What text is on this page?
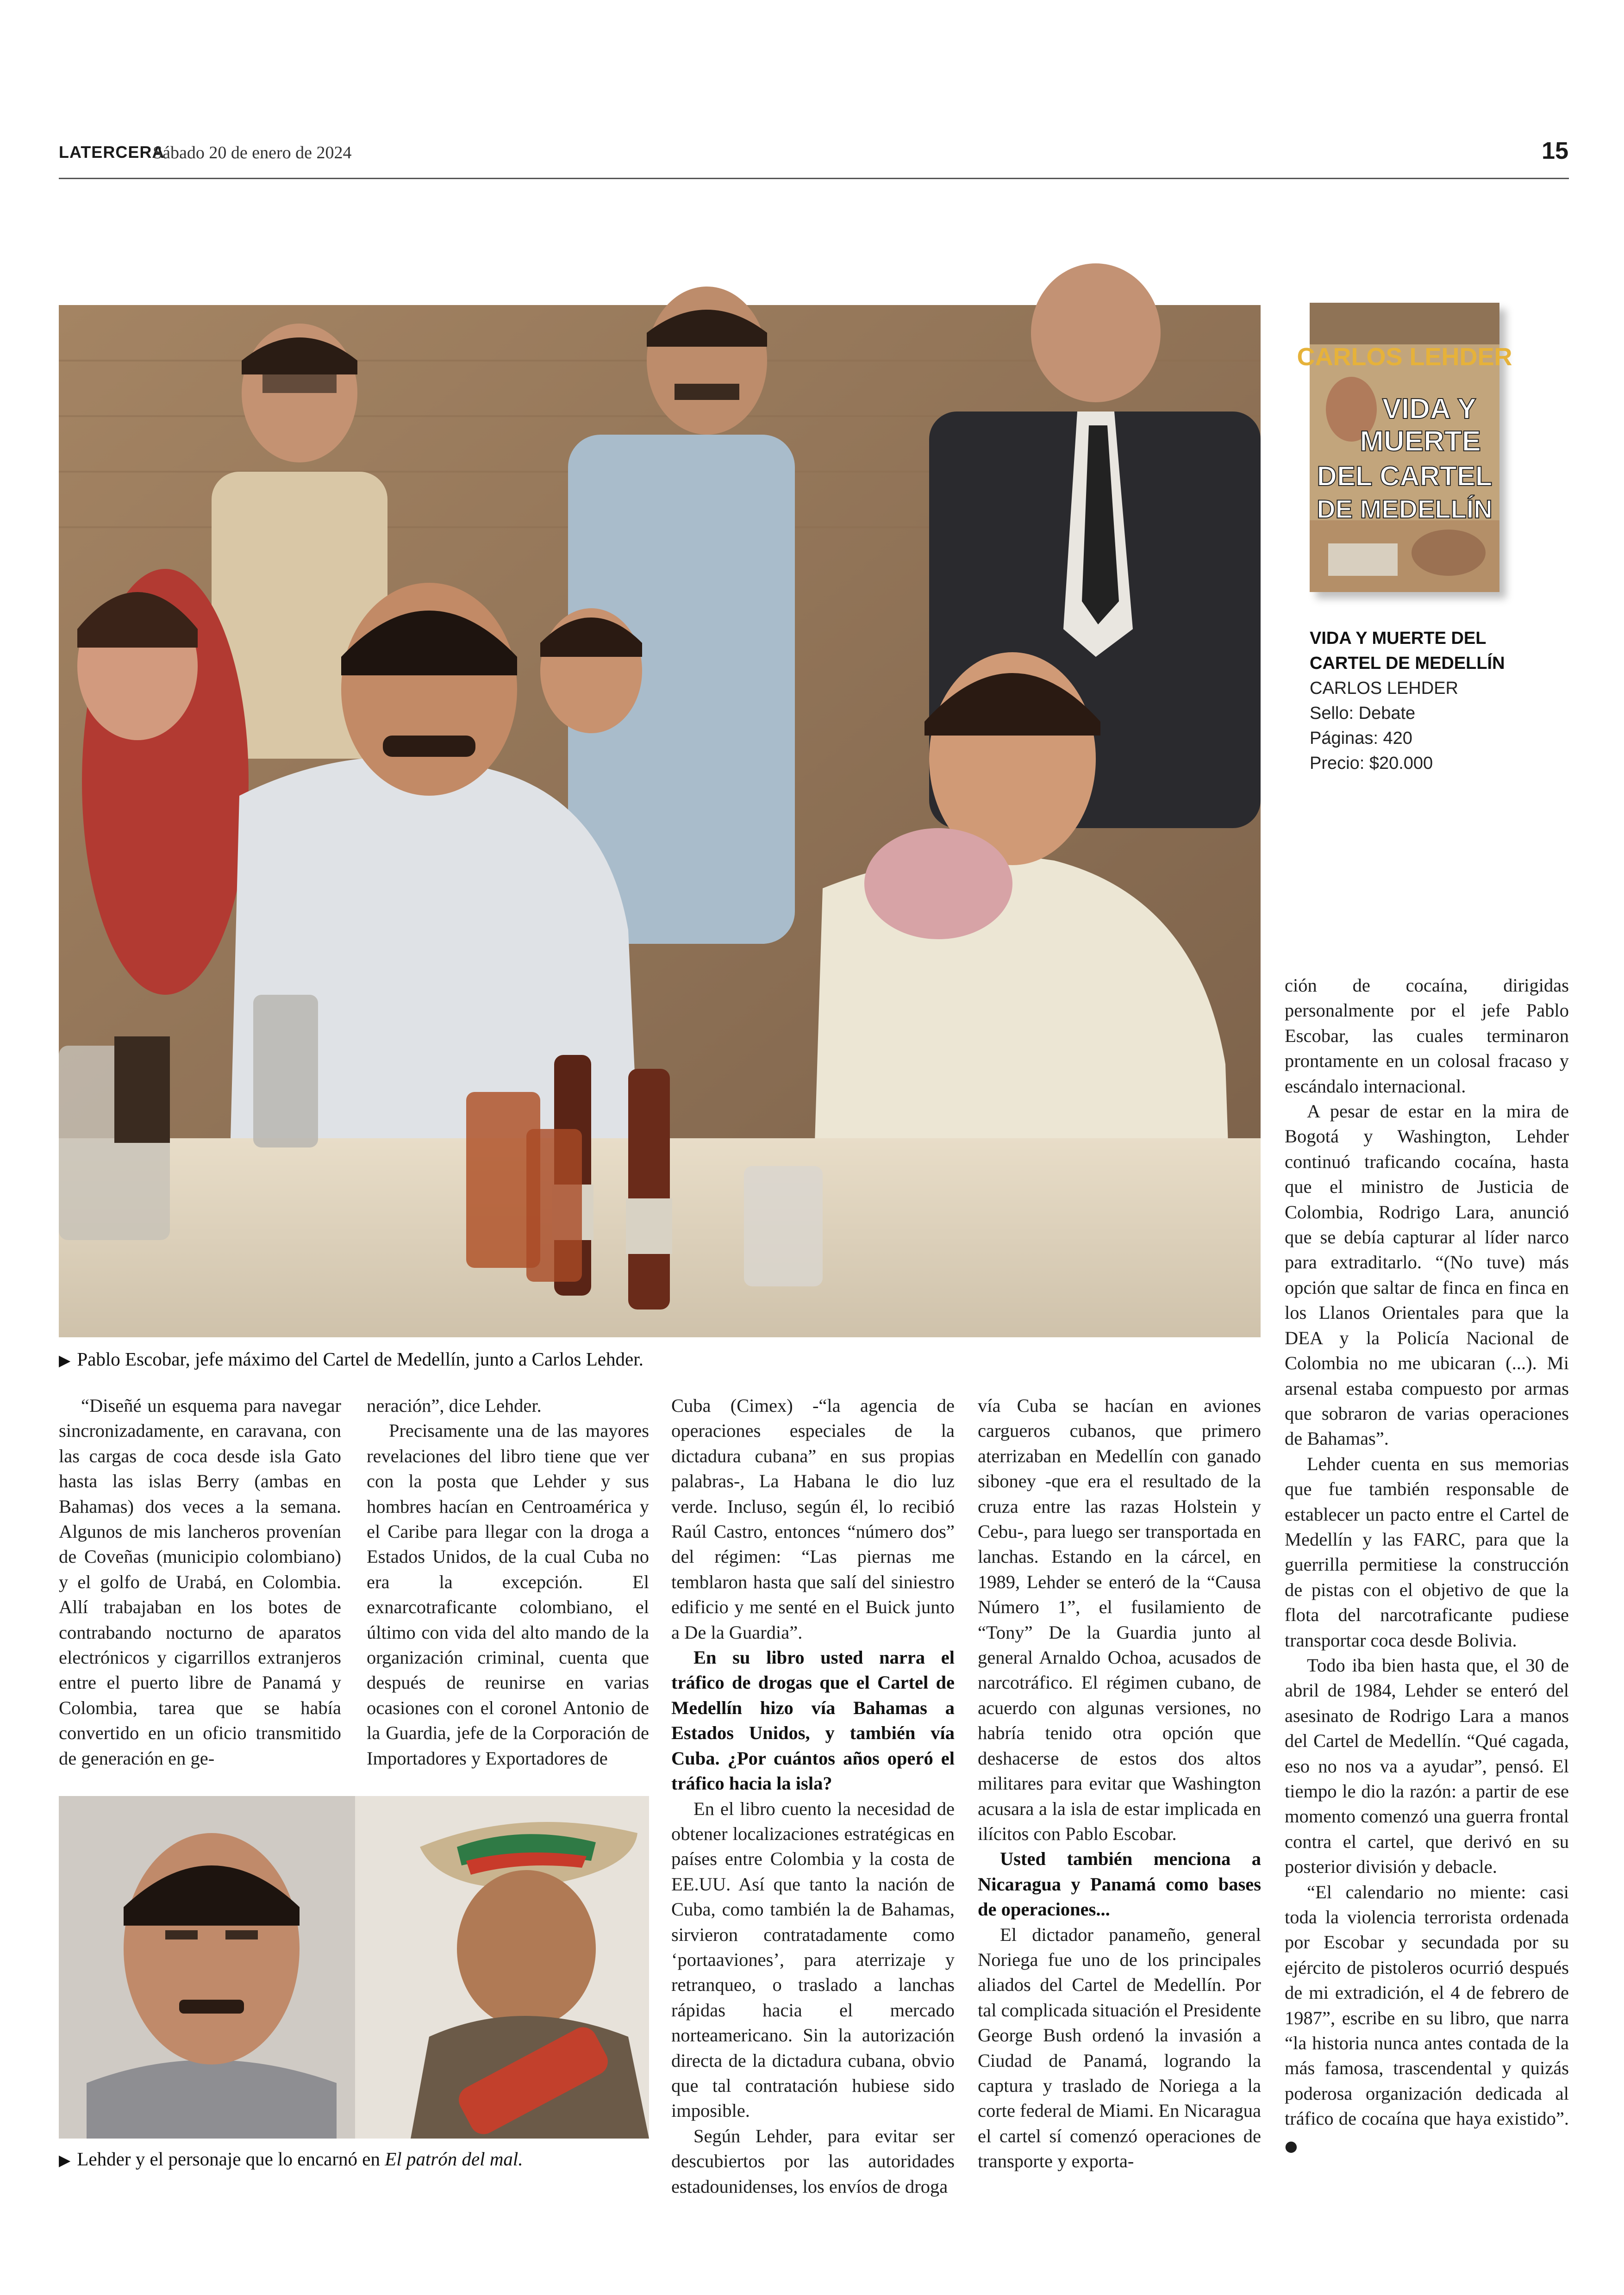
LATERCERA
Sábado 20 de enero de 2024	15
▶ Pablo Escobar, jefe máximo del Cartel de Medellín, junto a Carlos Lehder.
CARLOS LEHDER
VIDA Y
MUERTE
DEL CARTEL
DE MEDELLÍN
VIDA Y MUERTE DEL
CARTEL DE MEDELLÍN
CARLOS LEHDER
Sello: Debate
Páginas: 420
Precio: $20.000

“Diseñé un esquema para navegar sincronizadamente, en caravana, con las cargas de coca desde isla Gato hasta las islas Berry (ambas en Bahamas) dos veces a la semana. Algunos de mis lancheros provenían de Coveñas (municipio colombiano) y el golfo de Urabá, en Colombia. Allí trabajaban en los botes de contrabando nocturno de aparatos electrónicos y cigarrillos extranjeros entre el puerto libre de Panamá y Colombia, tarea que se había convertido en un oficio transmitido de generación en ge-

neración”, dice Lehder.

Precisamente una de las mayores revelaciones del libro tiene que ver con la posta que Lehder y sus hombres hacían en Centroamérica y el Caribe para llegar con la droga a Estados Unidos, de la cual Cuba no era la excepción. El exnarcotraficante colombiano, el último con vida del alto mando de la organización criminal, cuenta que después de reunirse en varias ocasiones con el coronel Antonio de la Guardia, jefe de la Corporación de Importadores y Exportadores de

Cuba (Cimex) -“la agencia de operaciones especiales de la dictadura cubana” en sus propias palabras-, La Habana le dio luz verde. Incluso, según él, lo recibió Raúl Castro, entonces “número dos” del régimen: “Las piernas me temblaron hasta que salí del siniestro edificio y me senté en el Buick junto a De la Guardia”.

En su libro usted narra el tráfico de drogas que el Cartel de Medellín hizo vía Bahamas a Estados Unidos, y también vía Cuba. ¿Por cuántos años operó el tráfico hacia la isla?

En el libro cuento la necesidad de obtener localizaciones estratégicas en países entre Colombia y la costa de EE.UU. Así que tanto la nación de Cuba, como también la de Bahamas, sirvieron contratadamente como ‘portaaviones’, para aterrizaje y retranqueo, o traslado a lanchas rápidas hacia el mercado norteamericano. Sin la autorización directa de la dictadura cubana, obvio que tal contratación hubiese sido imposible.

Según Lehder, para evitar ser descubiertos por las autoridades estadounidenses, los envíos de droga

vía Cuba se hacían en aviones cargueros cubanos, que primero aterrizaban en Medellín con ganado siboney -que era el resultado de la cruza entre las razas Holstein y Cebu-, para luego ser transportada en lanchas. Estando en la cárcel, en 1989, Lehder se enteró de la “Causa Número 1”, el fusilamiento de “Tony” De la Guardia junto al general Arnaldo Ochoa, acusados de narcotráfico. El régimen cubano, de acuerdo con algunas versiones, no habría tenido otra opción que deshacerse de estos dos altos militares para evitar que Washington acusara a la isla de estar implicada en ilícitos con Pablo Escobar.

Usted también menciona a Nicaragua y Panamá como bases de operaciones...

El dictador panameño, general Noriega fue uno de los principales aliados del Cartel de Medellín. Por tal complicada situación el Presidente George Bush ordenó la invasión a Ciudad de Panamá, logrando la captura y traslado de Noriega a la corte federal de Miami. En Nicaragua el cartel sí comenzó operaciones de transporte y exporta-

ción de cocaína, dirigidas personalmente por el jefe Pablo Escobar, las cuales terminaron prontamente en un colosal fracaso y escándalo internacional.

A pesar de estar en la mira de Bogotá y Washington, Lehder continuó traficando cocaína, hasta que el ministro de Justicia de Colombia, Rodrigo Lara, anunció que se debía capturar al líder narco para extraditarlo. “(No tuve) más opción que saltar de finca en finca en los Llanos Orientales para que la DEA y la Policía Nacional de Colombia no me ubicaran (...). Mi arsenal estaba compuesto por armas que sobraron de varias operaciones de Bahamas”.

Lehder cuenta en sus memorias que fue también responsable de establecer un pacto entre el Cartel de Medellín y las FARC, para que la guerrilla permitiese la construcción de pistas con el objetivo de que la flota del narcotraficante pudiese transportar coca desde Bolivia.

Todo iba bien hasta que, el 30 de abril de 1984, Lehder se enteró del asesinato de Rodrigo Lara a manos del Cartel de Medellín. “Qué cagada, eso no nos va a ayudar”, pensó. El tiempo le dio la razón: a partir de ese momento comenzó una guerra frontal contra el cartel, que derivó en su posterior división y debacle.

“El calendario no miente: casi toda la violencia terrorista ordenada por Escobar y secundada por su ejército de pistoleros ocurrió después de mi extradición, el 4 de febrero de 1987”, escribe en su libro, que narra “la historia nunca antes contada de la más famosa, trascendental y quizás poderosa organización dedicada al tráfico de cocaína que haya existido”. ●

▶ Lehder y el personaje que lo encarnó en El patrón del mal.
